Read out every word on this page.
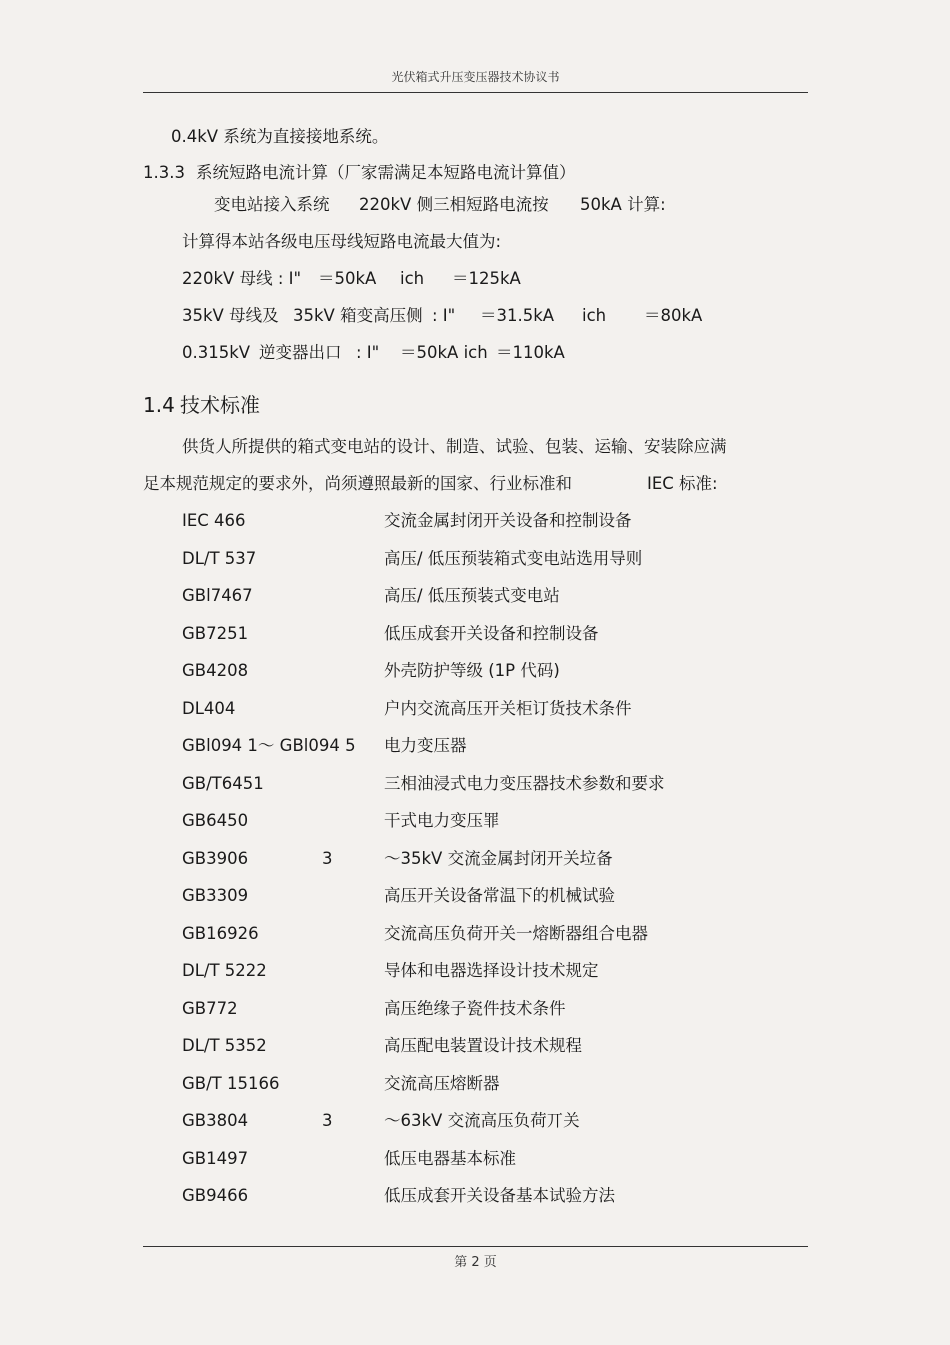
光伏箱式升压变压器技术协议书
0.4kV 系统为直接接地系统。
1.3.3 系统短路电流计算（厂家需满足本短路电流计算值）
变电站接入系统 220kV 侧三相短路电流按 50kA 计算:
计算得本站各级电压母线短路电流最大值为:
220kV 母线 : I" ＝50kA ich ＝125kA
35kV 母线及 35kV 箱变高压侧 : I" ＝31.5kA ich ＝80kA
0.315kV 逆变器出口 : I" ＝50kA ich ＝110kA
1.4 技术标准
供货人所提供的箱式变电站的设计、制造、试验、包装、运输、安装除应满
足本规范规定的要求外，尚须遵照最新的国家、行业标准和	IEC 标准:
IEC 466	交流金属封闭开关设备和控制设备
DL/T 537	高压/ 低压预装箱式变电站选用导则
GBl7467	高压/ 低压预装式变电站
GB7251	低压成套开关设备和控制设备
GB4208	外壳防护等级 (1P 代码)
DL404	户内交流高压开关柜订货技术条件
GBl094 1～ GBl094 5 电力变压器
GB/T6451	三相油浸式电力变压器技术参数和要求
GB6450	干式电力变压罪
GB3906	3	～35kV 交流金属封闭开关垃备
GB3309	高压开关设备常温下的机械试验
GB16926	交流高压负荷开关一熔断器组合电器
DL/T 5222	导体和电器选择设计技术规定
GB772	高压绝缘子瓷件技术条件
DL/T 5352	高压配电装置设计技术规程
GB/T 15166	交流高压熔断器
GB3804	3	～63kV 交流高压负荷丌关
GB1497	低压电器基本标准
GB9466	低压成套开关设备基本试验方法
第 2 页
